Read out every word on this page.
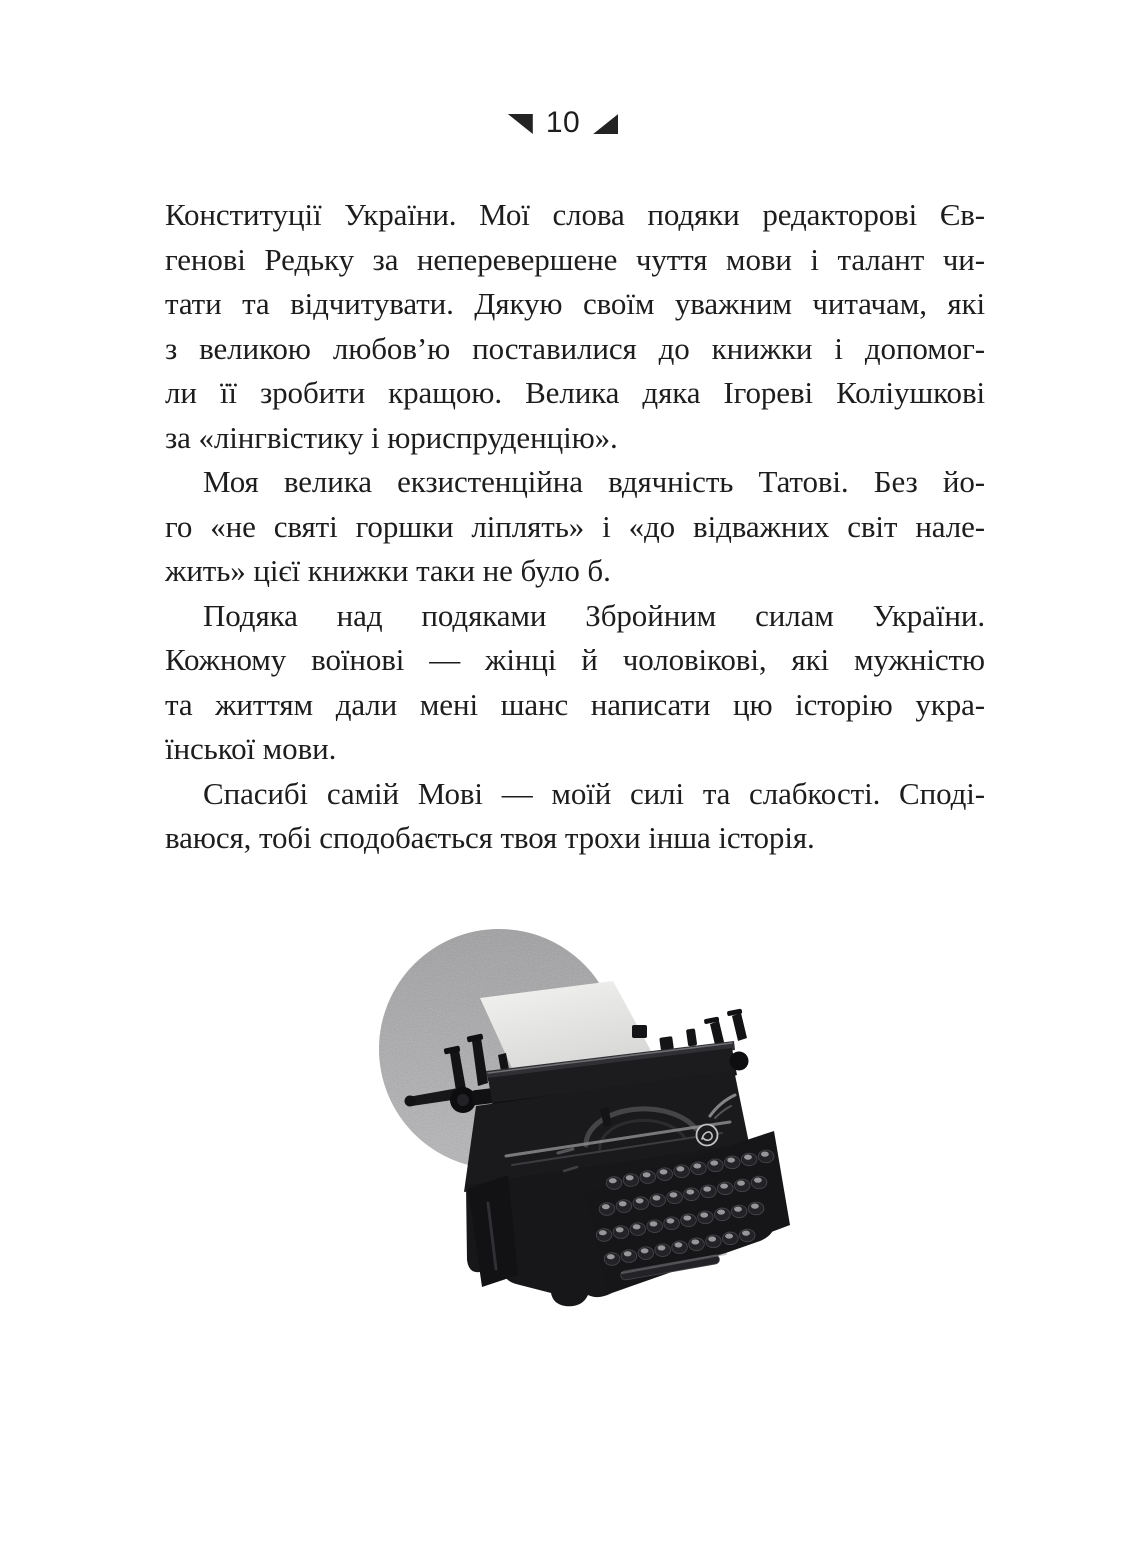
10
Конституції України. Мої слова подяки редакторові Єв-
генові Редьку за неперевершене чуття мови і талант чи-
тати та відчитувати. Дякую своїм уважним читачам, які
з великою любов’ю поставилися до книжки і допомог-
ли її зробити кращою. Велика дяка Ігореві Коліушкові
за «лінгвістику і юриспруденцію».
Моя велика екзистенційна вдячність Татові. Без йо-
го «не святі горшки ліплять» і «до відважних світ нале-
жить» цієї книжки таки не було б.
Подяка над подяками Збройним силам України.
Кожному воїнові — жінці й чоловікові, які мужністю
та життям дали мені шанс написати цю історію укра-
їнської мови.
Спасибі самій Мові — моїй силі та слабкості. Споді-
ваюся, тобі сподобається твоя трохи інша історія.
